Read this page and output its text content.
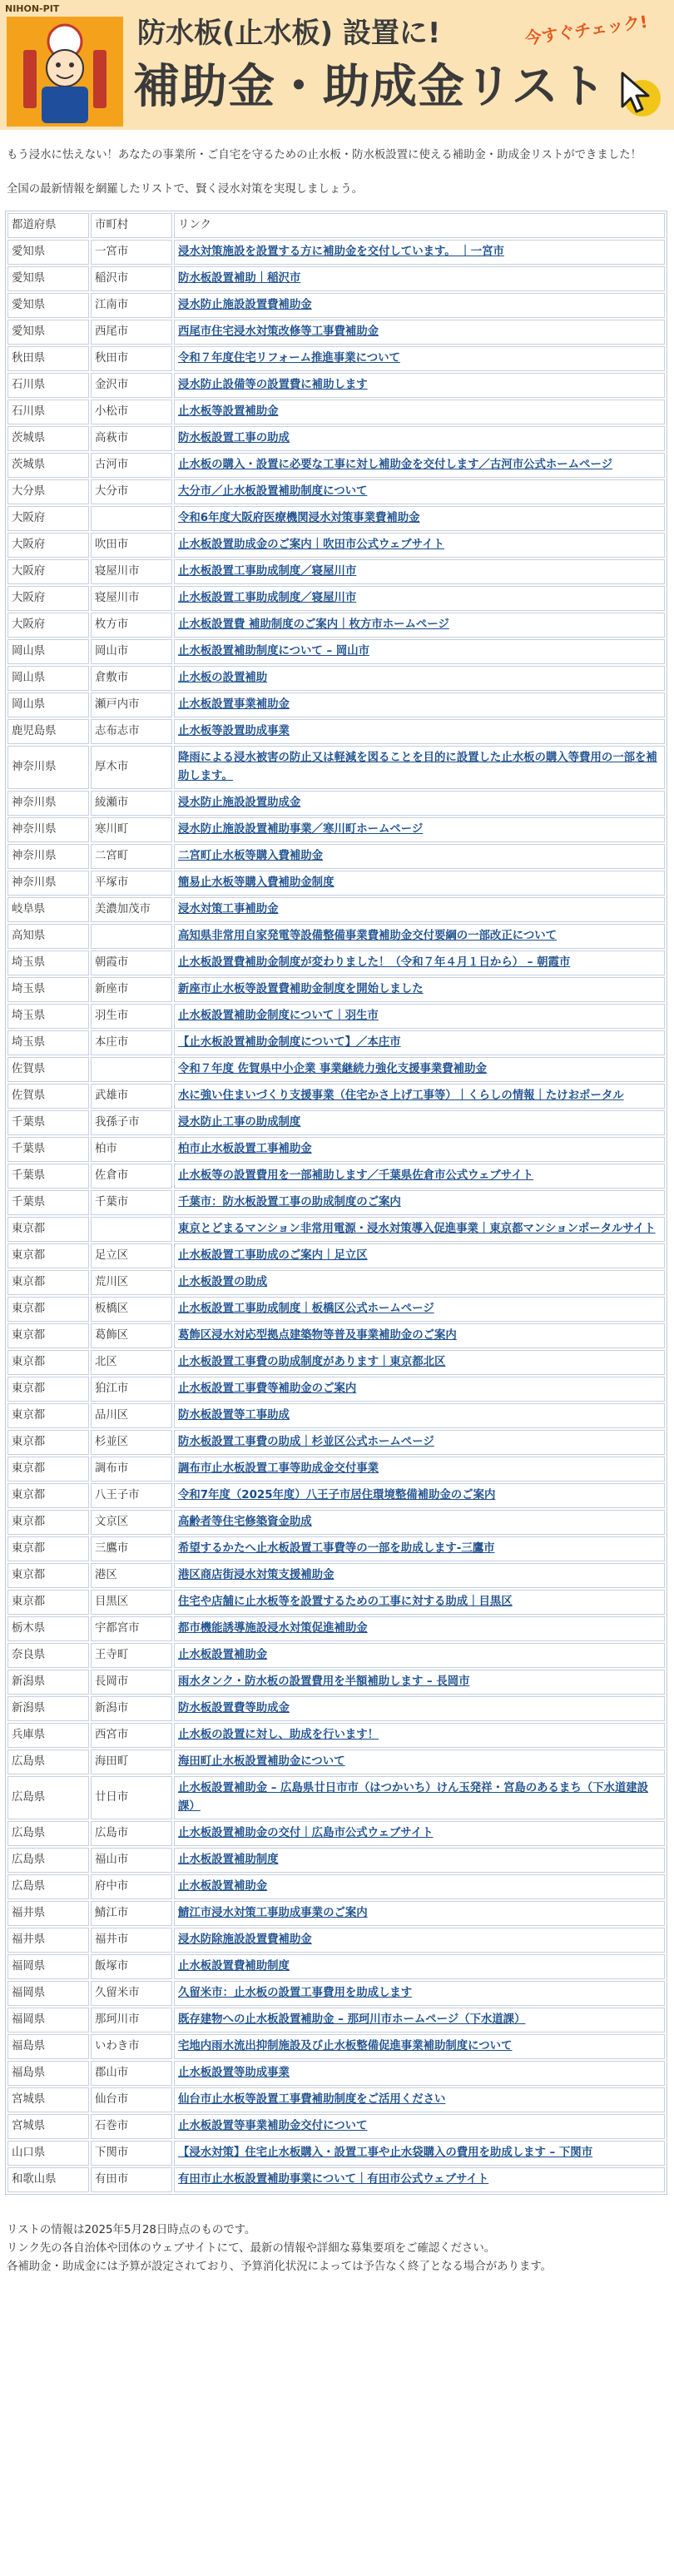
NIHON-PIT
防水板(止水板) 設置に!
補助金・助成金リスト
今すぐチェック!

もう浸水に怯えない！あなたの事業所・ご自宅を守るための止水板・防水板設置に使える補助金・助成金リストができました！

全国の最新情報を網羅したリストで、賢く浸水対策を実現しましょう。

都道府県	市町村	リンク
愛知県	一宮市	浸水対策施設を設置する方に補助金を交付しています。 ｜一宮市
愛知県	稲沢市	防水板設置補助｜稲沢市
愛知県	江南市	浸水防止施設設置費補助金
愛知県	西尾市	西尾市住宅浸水対策改修等工事費補助金
秋田県	秋田市	令和７年度住宅リフォーム推進事業について
石川県	金沢市	浸水防止設備等の設置費に補助します
石川県	小松市	止水板等設置補助金
茨城県	高萩市	防水板設置工事の助成
茨城県	古河市	止水板の購入・設置に必要な工事に対し補助金を交付します／古河市公式ホームページ
大分県	大分市	大分市／止水板設置補助制度について
大阪府		令和6年度大阪府医療機関浸水対策事業費補助金
大阪府	吹田市	止水板設置助成金のご案内｜吹田市公式ウェブサイト
大阪府	寝屋川市	止水板設置工事助成制度／寝屋川市
大阪府	寝屋川市	止水板設置工事助成制度／寝屋川市
大阪府	枚方市	止水板設置費 補助制度のご案内｜枚方市ホームページ
岡山県	岡山市	止水板設置補助制度について – 岡山市
岡山県	倉敷市	止水板の設置補助
岡山県	瀬戸内市	止水板設置事業補助金
鹿児島県	志布志市	止水板等設置助成事業
神奈川県	厚木市	降雨による浸水被害の防止又は軽減を図ることを目的に設置した止水板の購入等費用の一部を補助します。
神奈川県	綾瀬市	浸水防止施設設置助成金
神奈川県	寒川町	浸水防止施設設置補助事業／寒川町ホームページ
神奈川県	二宮町	二宮町止水板等購入費補助金
神奈川県	平塚市	簡易止水板等購入費補助金制度
岐阜県	美濃加茂市	浸水対策工事補助金
高知県		高知県非常用自家発電等設備整備事業費補助金交付要綱の一部改正について
埼玉県	朝霞市	止水板設置費補助金制度が変わりました！（令和７年４月１日から） – 朝霞市
埼玉県	新座市	新座市止水板等設置費補助金制度を開始しました
埼玉県	羽生市	止水板設置補助金制度について｜羽生市
埼玉県	本庄市	【止水板設置補助金制度について】／本庄市
佐賀県		令和７年度 佐賀県中小企業 事業継続力強化支援事業費補助金
佐賀県	武雄市	水に強い住まいづくり支援事業（住宅かさ上げ工事等）｜くらしの情報｜たけおポータル
千葉県	我孫子市	浸水防止工事の助成制度
千葉県	柏市	柏市止水板設置工事補助金
千葉県	佐倉市	止水板等の設置費用を一部補助します／千葉県佐倉市公式ウェブサイト
千葉県	千葉市	千葉市：防水板設置工事の助成制度のご案内
東京都		東京とどまるマンション非常用電源・浸水対策導入促進事業｜東京都マンションポータルサイト
東京都	足立区	止水板設置工事助成のご案内｜足立区
東京都	荒川区	止水板設置の助成
東京都	板橋区	止水板設置工事助成制度｜板橋区公式ホームページ
東京都	葛飾区	葛飾区浸水対応型拠点建築物等普及事業補助金のご案内
東京都	北区	止水板設置工事費の助成制度があります｜東京都北区
東京都	狛江市	止水板設置工事費等補助金のご案内
東京都	品川区	防水板設置等工事助成
東京都	杉並区	防水板設置工事費の助成｜杉並区公式ホームページ
東京都	調布市	調布市止水板設置工事等助成金交付事業
東京都	八王子市	令和7年度（2025年度）八王子市居住環境整備補助金のご案内
東京都	文京区	高齢者等住宅修築資金助成
東京都	三鷹市	希望するかたへ止水板設置工事費等の一部を助成します-三鷹市
東京都	港区	港区商店街浸水対策支援補助金
東京都	目黒区	住宅や店舗に止水板等を設置するための工事に対する助成｜目黒区
栃木県	宇都宮市	都市機能誘導施設浸水対策促進補助金
奈良県	王寺町	止水板設置補助金
新潟県	長岡市	雨水タンク・防水板の設置費用を半額補助します – 長岡市
新潟県	新潟市	防水板設置費等助成金
兵庫県	西宮市	止水板の設置に対し、助成を行います！
広島県	海田町	海田町止水板設置補助金について
広島県	廿日市	止水板設置補助金 – 広島県廿日市市（はつかいち）けん玉発祥・宮島のあるまち（下水道建設課）
広島県	広島市	止水板設置補助金の交付｜広島市公式ウェブサイト
広島県	福山市	止水板設置補助制度
広島県	府中市	止水板設置補助金
福井県	鯖江市	鯖江市浸水対策工事助成事業のご案内
福井県	福井市	浸水防除施設設置費補助金
福岡県	飯塚市	止水板設置費補助制度
福岡県	久留米市	久留米市：止水板の設置工事費用を助成します
福岡県	那珂川市	既存建物への止水板設置補助金 – 那珂川市ホームページ（下水道課）
福島県	いわき市	宅地内雨水流出抑制施設及び止水板整備促進事業補助制度について
福島県	郡山市	止水板設置等助成事業
宮城県	仙台市	仙台市止水板等設置工事費補助制度をご活用ください
宮城県	石巻市	止水板設置等事業補助金交付について
山口県	下関市	【浸水対策】住宅止水板購入・設置工事や止水袋購入の費用を助成します – 下関市
和歌山県	有田市	有田市止水板設置補助事業について｜有田市公式ウェブサイト

リストの情報は2025年5月28日時点のものです。

リンク先の各自治体や団体のウェブサイトにて、最新の情報や詳細な募集要項をご確認ください。

各補助金・助成金には予算が設定されており、予算消化状況によっては予告なく終了となる場合があります。
